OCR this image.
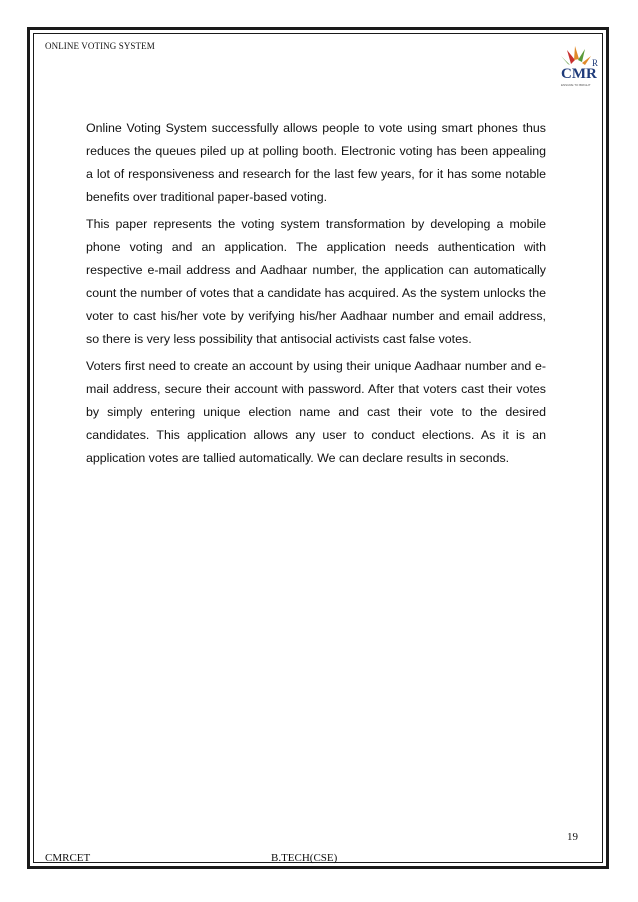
ONLINE VOTING SYSTEM
CMR
R
ENSURE TO BRIGHT

Online Voting System successfully allows people to vote using smart phones thus reduces the queues piled up at polling booth. Electronic voting has been appealing a lot of responsiveness and research for the last few years, for it has some notable benefits over traditional paper-based voting.

This paper represents the voting system transformation by developing a mobile phone voting and an application. The application needs authentication with respective e-mail address and Aadhaar number, the application can automatically count the number of votes that a candidate has acquired. As the system unlocks the voter to cast his/her vote by verifying his/her Aadhaar number and email address, so there is very less possibility that antisocial activists cast false votes.

Voters first need to create an account by using their unique Aadhaar number and e-mail address, secure their account with password. After that voters cast their votes by simply entering unique election name and cast their vote to the desired candidates. This application allows any user to conduct elections. As it is an application votes are tallied automatically. We can declare results in seconds.

19
CMRCET	B.TECH(CSE)
